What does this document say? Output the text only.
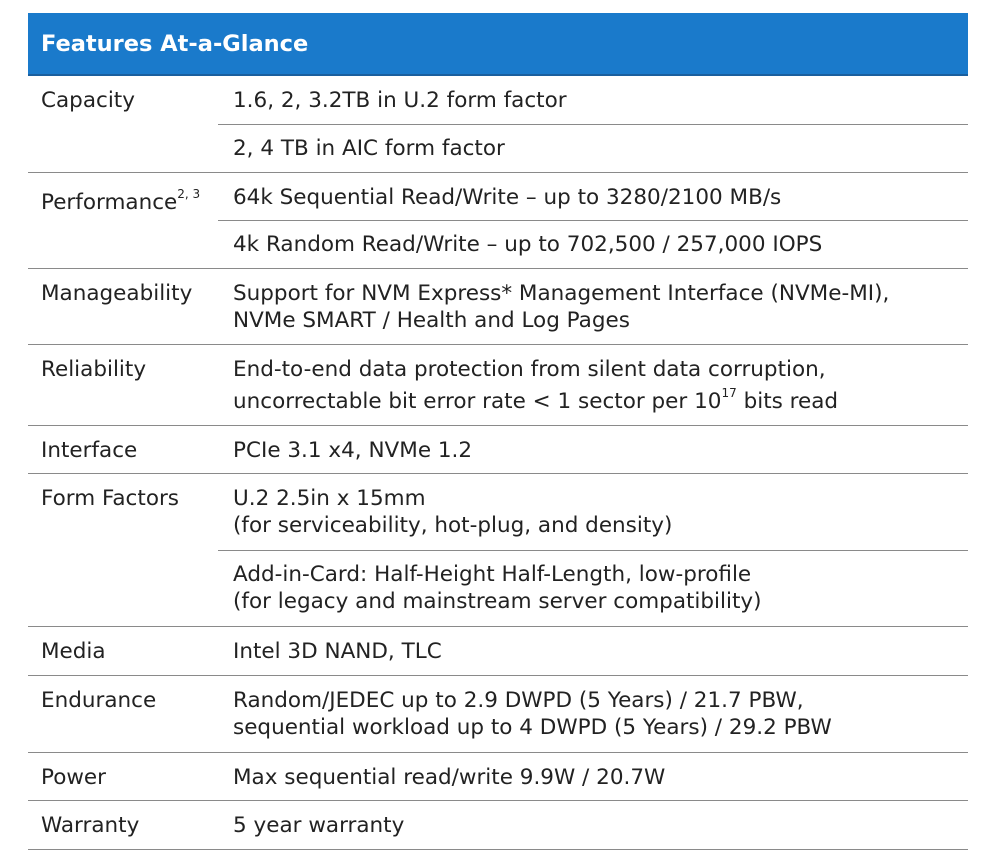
Features At-a-Glance
Capacity	1.6, 2, 3.2TB in U.2 form factor
2, 4 TB in AIC form factor
Performance$^{2, 3}$	64k Sequential Read/Write – up to 3280/2100 MB/s
4k Random Read/Write – up to 702,500 / 257,000 IOPS
Manageability Support for NVM Express* Management Interface (NVMe-MI),
NVMe SMART / Health and Log Pages
Reliability	End-to-end data protection from silent data corruption,
uncorrectable bit error rate < 1 sector per $10^{17}$ bits read
Interface	PCIe 3.1 x4, NVMe 1.2
Form Factors	U.2 2.5in x 15mm
(for serviceability, hot-plug, and density)
Add-in-Card: Half-Height Half-Length, low-profile
(for legacy and mainstream server compatibility)
Media	Intel 3D NAND, TLC
Endurance	Random/JEDEC up to 2.9 DWPD (5 Years) / 21.7 PBW,
sequential workload up to 4 DWPD (5 Years) / 29.2 PBW
Power	Max sequential read/write 9.9W / 20.7W
Warranty	5 year warranty
